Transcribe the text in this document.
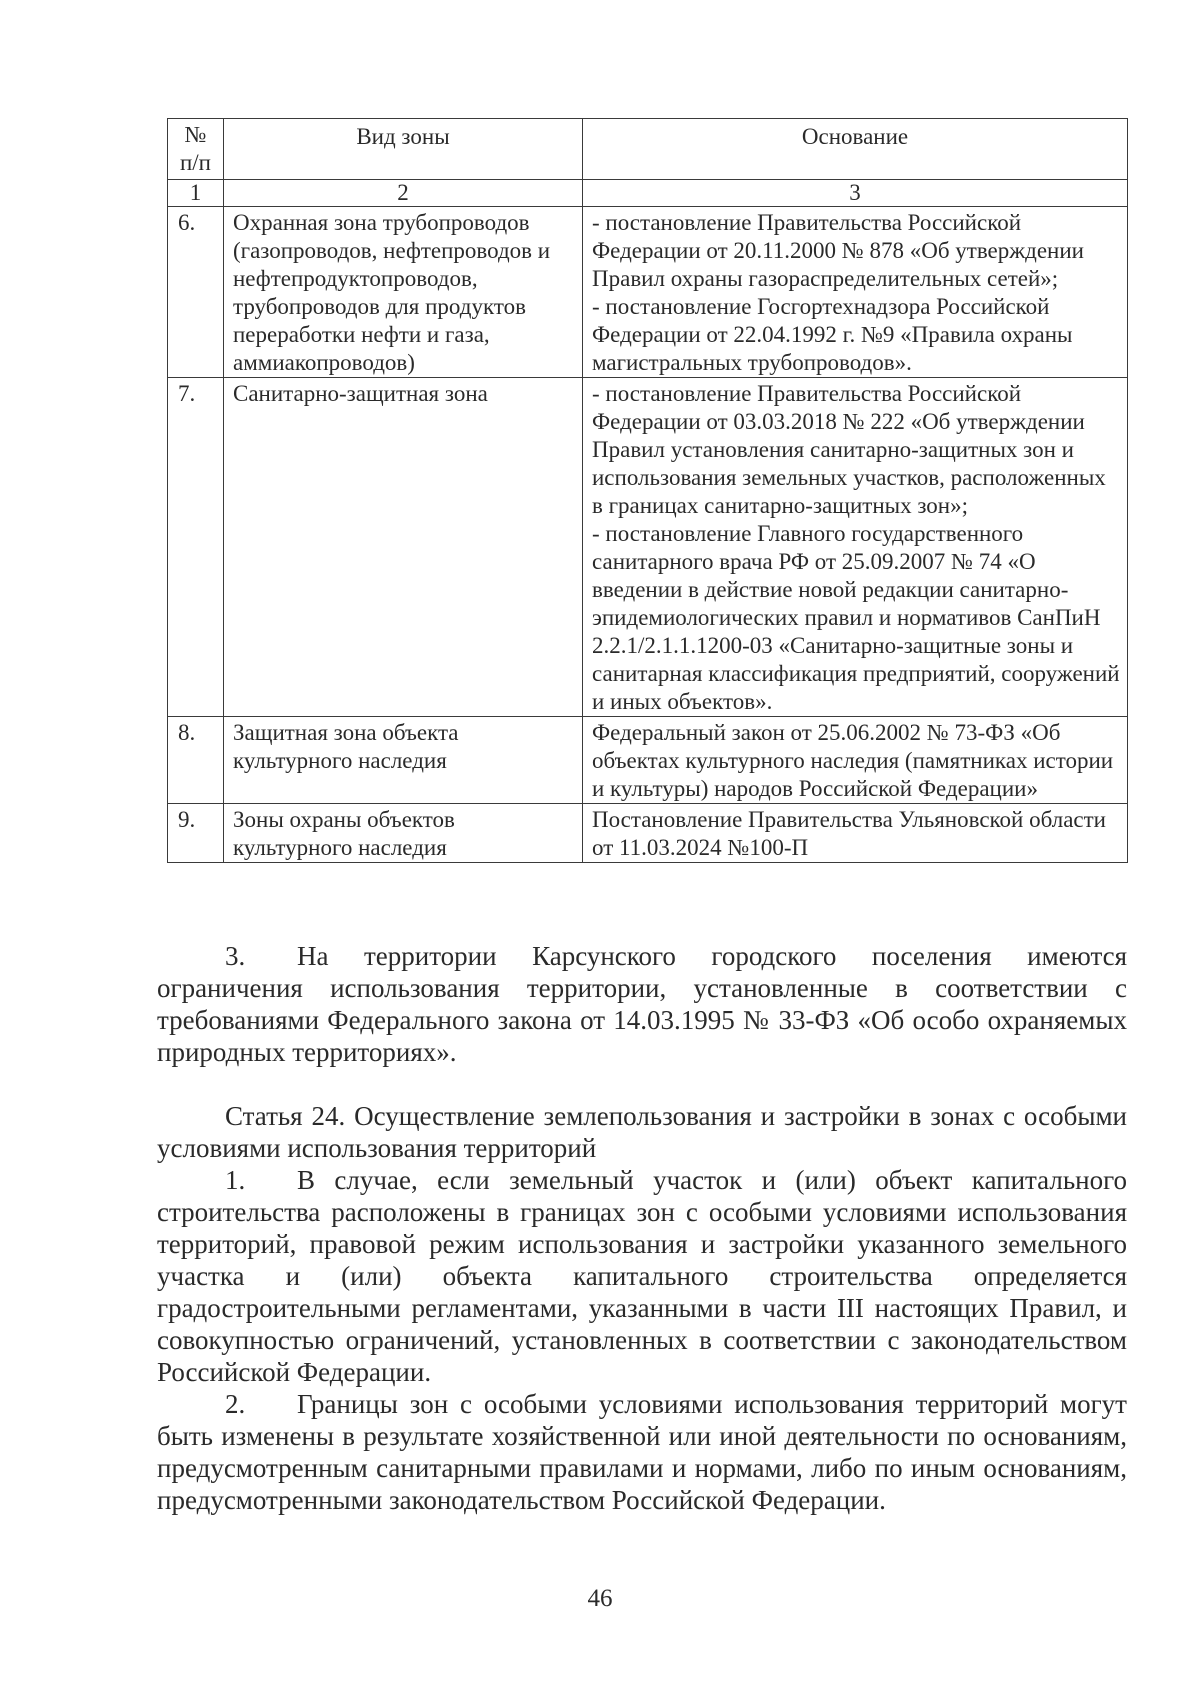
№
п/п	Вид зоны	Основание
1	2	3
6.	Охранная зона трубопроводов (газопроводов, нефтепроводов и нефтепродуктопроводов, трубопроводов для продуктов переработки нефти и газа, аммиакопроводов)	- постановление Правительства Российской Федерации от 20.11.2000 № 878 «Об утверждении Правил охраны газораспределительных сетей»;
- постановление Госгортехнадзора Российской Федерации от 22.04.1992 г. №9 «Правила охраны магистральных трубопроводов».

7.	Санитарно-защитная зона	- постановление Правительства Российской Федерации от 03.03.2018 № 222 «Об утверждении Правил установления санитарно-защитных зон и использования земельных участков, расположенных в границах санитарно-защитных зон»;
- постановление Главного государственного санитарного врача РФ от 25.09.2007 № 74 «О введении в действие новой редакции санитарно-эпидемиологических правил и нормативов СанПиН 2.2.1/2.1.1.1200-03 «Санитарно-защитные зоны и санитарная классификация предприятий, сооружений и иных объектов».

8.	Защитная зона объекта культурного наследия	Федеральный закон от 25.06.2002 № 73-ФЗ «Об объектах культурного наследия (памятниках истории и культуры) народов Российской Федерации»

9.	Зоны охраны объектов культурного наследия	Постановление Правительства Ульяновской области от 11.03.2024 №100-П

3. На территории Карсунского городского поселения имеются ограничения использования территории, установленные в соответствии с требованиями Федерального закона от 14.03.1995 № 33-ФЗ «Об особо охраняемых природных территориях».

Статья 24. Осуществление землепользования и застройки в зонах с особыми условиями использования территорий

1. В случае, если земельный участок и (или) объект капитального строительства расположены в границах зон с особыми условиями использования территорий, правовой режим использования и застройки указанного земельного участка и (или) объекта капитального строительства определяется градостроительными регламентами, указанными в части III настоящих Правил, и совокупностью ограничений, установленных в соответствии с законодательством Российской Федерации.

2. Границы зон с особыми условиями использования территорий могут быть изменены в результате хозяйственной или иной деятельности по основаниям, предусмотренным санитарными правилами и нормами, либо по иным основаниям, предусмотренными законодательством Российской Федерации.

46
